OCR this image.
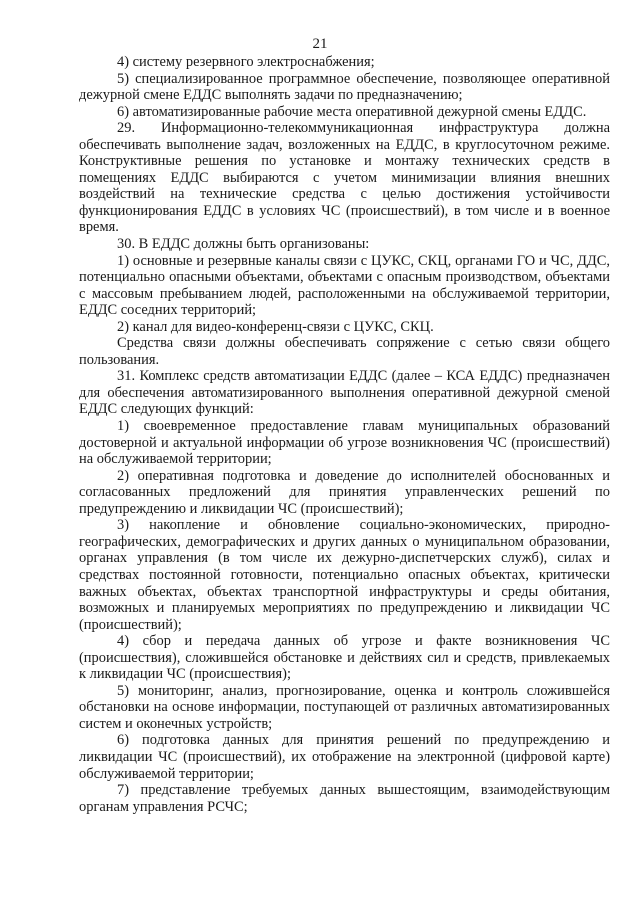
21

4) систему резервного электроснабжения;

5) специализированное программное обеспечение, позволяющее оперативной дежурной смене ЕДДС выполнять задачи по предназначению;

6) автоматизированные рабочие места оперативной дежурной смены ЕДДС.

29. Информационно-телекоммуникационная инфраструктура должна обеспечивать выполнение задач, возложенных на ЕДДС, в круглосуточном режиме. Конструктивные решения по установке и монтажу технических средств в помещениях ЕДДС выбираются с учетом минимизации влияния внешних воздействий на технические средства с целью достижения устойчивости функционирования ЕДДС в условиях ЧС (происшествий), в том числе и в военное время.

30. В ЕДДС должны быть организованы:

1) основные и резервные каналы связи с ЦУКС, СКЦ, органами ГО и ЧС, ДДС, потенциально опасными объектами, объектами с опасным производством, объектами с массовым пребыванием людей, расположенными на обслуживаемой территории, ЕДДС соседних территорий;

2) канал для видео-конференц-связи с ЦУКС, СКЦ.

Средства связи должны обеспечивать сопряжение с сетью связи общего пользования.

31. Комплекс средств автоматизации ЕДДС (далее – КСА ЕДДС) предназначен для обеспечения автоматизированного выполнения оперативной дежурной сменой ЕДДС следующих функций:

1) своевременное предоставление главам муниципальных образований достоверной и актуальной информации об угрозе возникновения ЧС (происшествий) на обслуживаемой территории;

2) оперативная подготовка и доведение до исполнителей обоснованных и согласованных предложений для принятия управленческих решений по предупреждению и ликвидации ЧС (происшествий);

3) накопление и обновление социально-экономических, природно-географических, демографических и других данных о муниципальном образовании, органах управления (в том числе их дежурно-диспетчерских служб), силах и средствах постоянной готовности, потенциально опасных объектах, критически важных объектах, объектах транспортной инфраструктуры и среды обитания, возможных и планируемых мероприятиях по предупреждению и ликвидации ЧС (происшествий);

4) сбор и передача данных об угрозе и факте возникновения ЧС (происшествия), сложившейся обстановке и действиях сил и средств, привлекаемых к ликвидации ЧС (происшествия);

5) мониторинг, анализ, прогнозирование, оценка и контроль сложившейся обстановки на основе информации, поступающей от различных автоматизированных систем и оконечных устройств;

6) подготовка данных для принятия решений по предупреждению и ликвидации ЧС (происшествий), их отображение на электронной (цифровой карте) обслуживаемой территории;

7) представление требуемых данных вышестоящим, взаимодействующим органам управления РСЧС;
